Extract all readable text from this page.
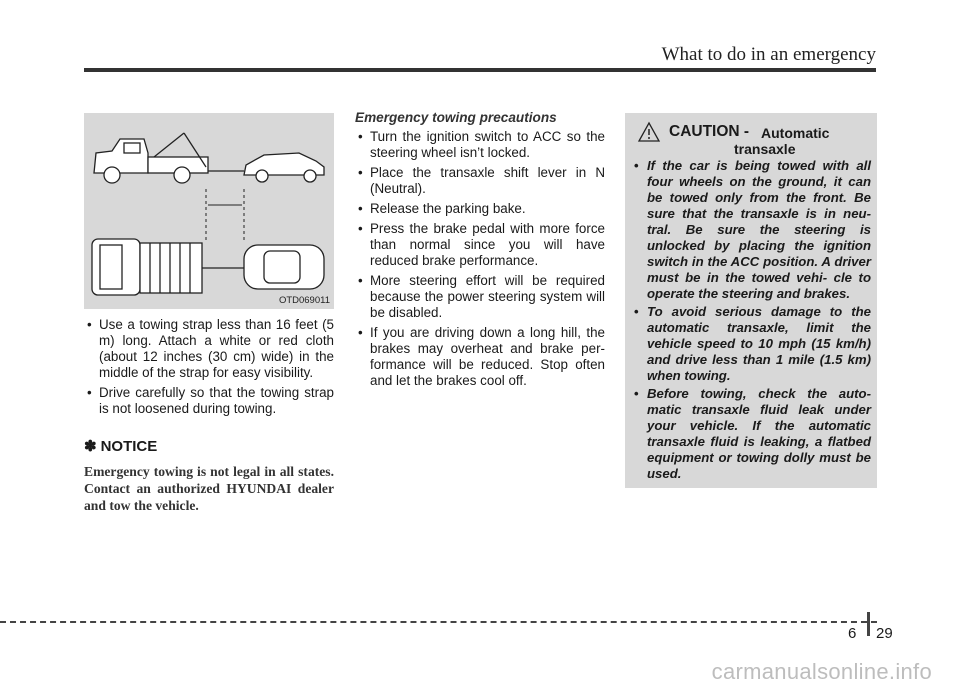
What to do in an emergency
OTD069011
• Use a towing strap less than 16 feet (5 m) long. Attach a white or red cloth (about 12 inches (30 cm) wide) in the middle of the strap for easy visibility.
• Drive carefully so that the towing strap is not loosened during towing.
✽ NOTICE
Emergency towing is not legal in all states. Contact an authorized HYUNDAI dealer and tow the vehicle.
Emergency towing precautions
• Turn the ignition switch to ACC so the steering wheel isn’t locked.
• Place the transaxle shift lever in N (Neutral).
• Release the parking bake.
• Press the brake pedal with more force than normal since you will have reduced brake performance.
• More steering effort will be required because the power steering system will be disabled.
• If you are driving down a long hill, the brakes may overheat and brake per- formance will be reduced. Stop often and let the brakes cool off.
CAUTION - Automatic
transaxle
• If the car is being towed with all four wheels on the ground, it can be towed only from the front. Be sure that the transaxle is in neu- tral. Be sure the steering is unlocked by placing the ignition switch in the ACC position. A driver must be in the towed vehi- cle to operate the steering and brakes.
• To avoid serious damage to the automatic transaxle, limit the vehicle speed to 10 mph (15 km/h) and drive less than 1 mile (1.5 km) when towing.
• Before towing, check the auto- matic transaxle fluid leak under your vehicle. If the automatic transaxle fluid is leaking, a flatbed equipment or towing dolly must be used.
6 29
carmanualsonline.info
